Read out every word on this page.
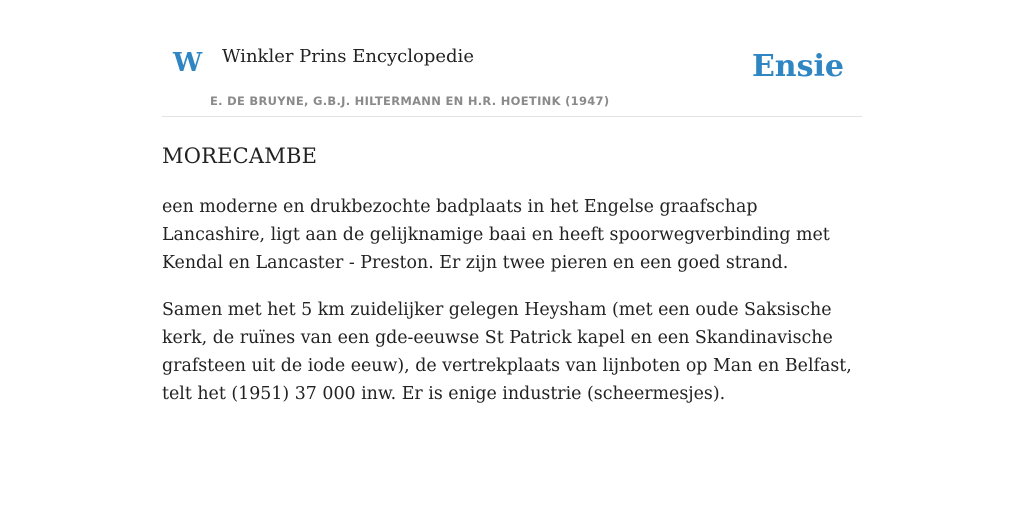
W Winkler Prins Encyclopedie
E. DE BRUYNE, G.B.J. HILTERMANN EN H.R. HOETINK (1947)
Ensie
MORECAMBE

een moderne en drukbezochte badplaats in het Engelse graafschap Lancashire, ligt aan de gelijknamige baai en heeft spoorwegverbinding met Kendal en Lancaster - Preston. Er zijn twee pieren en een goed strand.

Samen met het 5 km zuidelijker gelegen Heysham (met een oude Saksische kerk, de ruïnes van een gde-eeuwse St Patrick kapel en een Skandinavische grafsteen uit de iode eeuw), de vertrekplaats van lijnboten op Man en Belfast, telt het (1951) 37 000 inw. Er is enige industrie (scheermesjes).
